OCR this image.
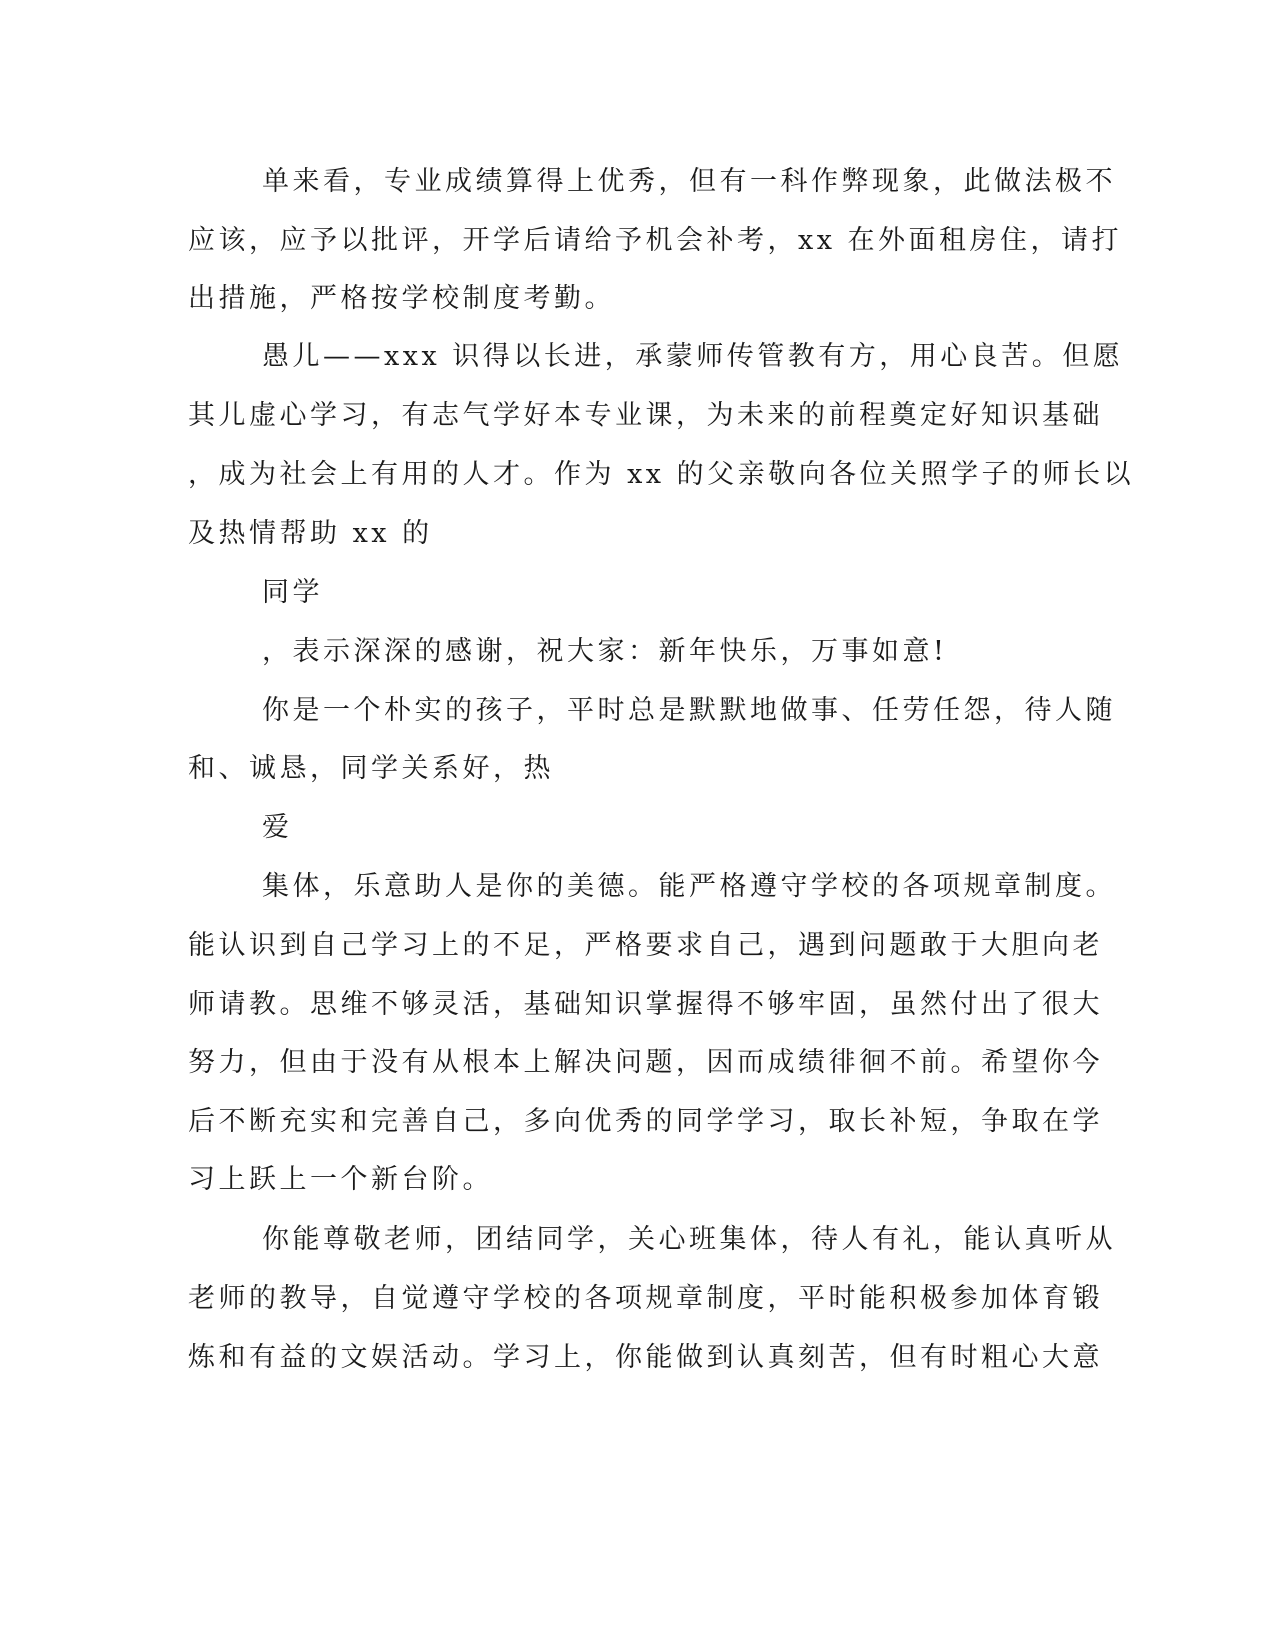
单来看，专业成绩算得上优秀，但有一科作弊现象，此做法极不
应该，应予以批评，开学后请给予机会补考，xx 在外面租房住，请打
出措施，严格按学校制度考勤。
愚儿——xxx 识得以长进，承蒙师传管教有方，用心良苦。但愿
其儿虚心学习，有志气学好本专业课，为未来的前程奠定好知识基础
，成为社会上有用的人才。作为 xx 的父亲敬向各位关照学子的师长以
及热情帮助 xx 的
同学
，表示深深的感谢，祝大家：新年快乐，万事如意!
你是一个朴实的孩子，平时总是默默地做事、任劳任怨，待人随
和、诚恳，同学关系好，热
爱
集体，乐意助人是你的美德。能严格遵守学校的各项规章制度。
能认识到自己学习上的不足，严格要求自己，遇到问题敢于大胆向老
师请教。思维不够灵活，基础知识掌握得不够牢固，虽然付出了很大
努力，但由于没有从根本上解决问题，因而成绩徘徊不前。希望你今
后不断充实和完善自己，多向优秀的同学学习，取长补短，争取在学
习上跃上一个新台阶。
你能尊敬老师，团结同学，关心班集体，待人有礼，能认真听从
老师的教导，自觉遵守学校的各项规章制度，平时能积极参加体育锻
炼和有益的文娱活动。学习上，你能做到认真刻苦，但有时粗心大意
